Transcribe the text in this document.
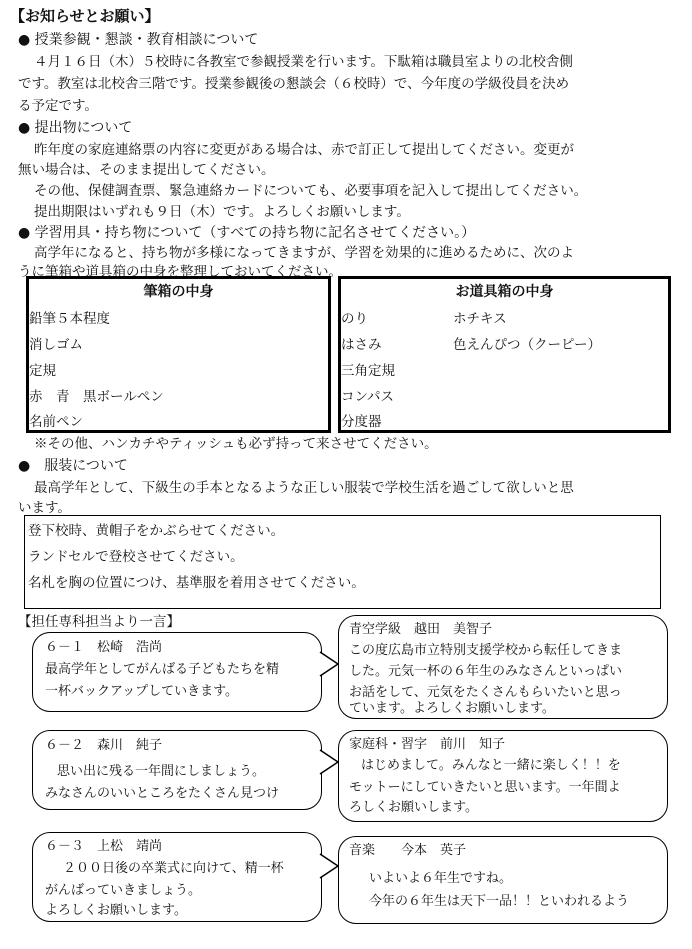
【お知らせとお願い】
● 授業参観・懇談・教育相談について
４月１６日（木）５校時に各教室で参観授業を行います。下駄箱は職員室よりの北校舎側
です。教室は北校舎三階です。授業参観後の懇談会（６校時）で、今年度の学級役員を決め
る予定です。
● 提出物について
昨年度の家庭連絡票の内容に変更がある場合は、赤で訂正して提出してください。変更が
無い場合は、そのまま提出してください。
その他、保健調査票、緊急連絡カードについても、必要事項を記入して提出してください。
提出期限はいずれも９日（木）です。よろしくお願いします。
● 学習用具・持ち物について（すべての持ち物に記名させてください。）
高学年になると、持ち物が多様になってきますが、学習を効果的に進めるために、次のよ
うに筆箱や道具箱の中身を整理しておいてください。
筆箱の中身
鉛筆５本程度
消しゴム
定規
赤　青　黒ボールペン
名前ペン
お道具箱の中身
のり
はさみ
三角定規
コンパス
分度器
ホチキス
色えんぴつ（クーピー）
※その他、ハンカチやティッシュも必ず持って来させてください。
●　服装について
最高学年として、下級生の手本となるような正しい服装で学校生活を過ごして欲しいと思
います。
登下校時、黄帽子をかぶらせてください。
ランドセルで登校させてください。
名札を胸の位置につけ、基準服を着用させてください。
【担任専科担当より一言】
６－１　松崎　浩尚
最高学年としてがんばる子どもたちを精
一杯バックアップしていきます。
６－２　森川　純子
思い出に残る一年間にしましょう。
みなさんのいいところをたくさん見つけ
６－３　上松　靖尚
２００日後の卒業式に向けて、精一杯
がんばっていきましょう。
よろしくお願いします。
青空学級　越田　美智子
この度広島市立特別支援学校から転任してきま
した。元気一杯の６年生のみなさんといっぱい
お話をして、元気をたくさんもらいたいと思っ
ています。よろしくお願いします。
家庭科・習字　前川　知子
はじめまして。みんなと一緒に楽しく！！を
モットーにしていきたいと思います。一年間よ
ろしくお願いします。
音楽　　今本　英子
いよいよ６年生ですね。
今年の６年生は天下一品！！といわれるよう
